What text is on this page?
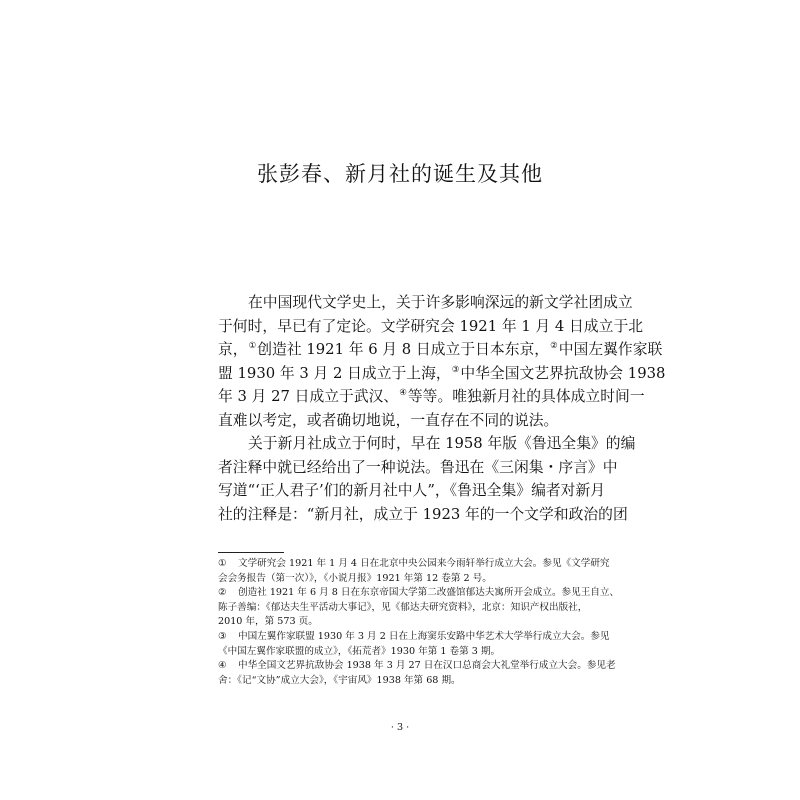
张彭春、新月社的诞生及其他
在中国现代文学史上，关于许多影响深远的新文学社团成立
于何时，早已有了定论。文学研究会 1921 年 1 月 4 日成立于北
京，①创造社 1921 年 6 月 8 日成立于日本东京，②中国左翼作家联
盟 1930 年 3 月 2 日成立于上海，③中华全国文艺界抗敌协会 1938
年 3 月 27 日成立于武汉、④等等。唯独新月社的具体成立时间一
直难以考定，或者确切地说，一直存在不同的说法。
关于新月社成立于何时，早在 1958 年版《鲁迅全集》的编
者注释中就已经给出了一种说法。鲁迅在《三闲集・序言》中
写道“‘正人君子’们的新月社中人”，《鲁迅全集》编者对新月
社的注释是：“新月社，成立于 1923 年的一个文学和政治的团
① 文学研究会 1921 年 1 月 4 日在北京中央公园来今雨轩举行成立大会。参见《文学研究
会会务报告（第一次）》，《小说月报》1921 年第 12 卷第 2 号。
② 创造社 1921 年 6 月 8 日在东京帝国大学第二改盛馆郁达夫寓所开会成立。参见王自立、
陈子善编：《郁达夫生平活动大事记》，见《郁达夫研究资料》，北京：知识产权出版社，
2010 年，第 573 页。
③ 中国左翼作家联盟 1930 年 3 月 2 日在上海窦乐安路中华艺术大学举行成立大会。参见
《中国左翼作家联盟的成立》，《拓荒者》1930 年第 1 卷第 3 期。
④ 中华全国文艺界抗敌协会 1938 年 3 月 27 日在汉口总商会大礼堂举行成立大会。参见老
舍：《记“文协”成立大会》，《宇宙风》1938 年第 68 期。
· 3 ·
